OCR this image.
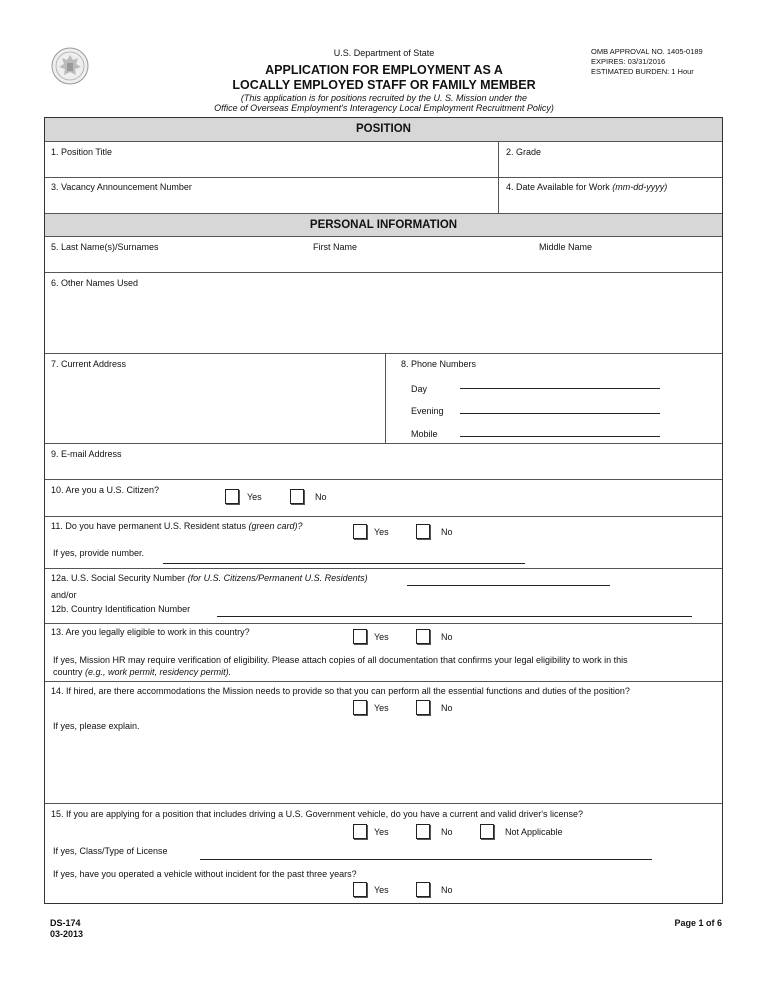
U.S. Department of State
APPLICATION FOR EMPLOYMENT AS A
LOCALLY EMPLOYED STAFF OR FAMILY MEMBER
(This application is for positions recruited by the U. S. Mission under the
Office of Overseas Employment's Interagency Local Employment Recruitment Policy)
OMB APPROVAL NO. 1405-0189
EXPIRES: 03/31/2016
ESTIMATED BURDEN: 1 Hour
POSITION
1. Position Title	2. Grade
3. Vacancy Announcement Number	4. Date Available for Work (mm-dd-yyyy)
PERSONAL INFORMATION
5. Last Name(s)/Surnames	First Name	Middle Name
6. Other Names Used
7. Current Address	8. Phone Numbers
Day
Evening
Mobile
9. E-mail Address
10. Are you a U.S. Citizen?
Yes	No
11. Do you have permanent U.S. Resident status (green card)?
Yes	No
If yes, provide number.
12a. U.S. Social Security Number (for U.S. Citizens/Permanent U.S. Residents)
and/or
12b. Country Identification Number
13. Are you legally eligible to work in this country?	Yes	No
If yes, Mission HR may require verification of eligibility. Please attach copies of all documentation that confirms your legal eligibility to work in this
country (e.g., work permit, residency permit).
14. If hired, are there accommodations the Mission needs to provide so that you can perform all the essential functions and duties of the position?
Yes	No
If yes, please explain.
15. If you are applying for a position that includes driving a U.S. Government vehicle, do you have a current and valid driver's license?
Yes	No	Not Applicable
If yes, Class/Type of License
If yes, have you operated a vehicle without incident for the past three years?
Yes	No
DS-174
03-2013
Page 1 of 6
